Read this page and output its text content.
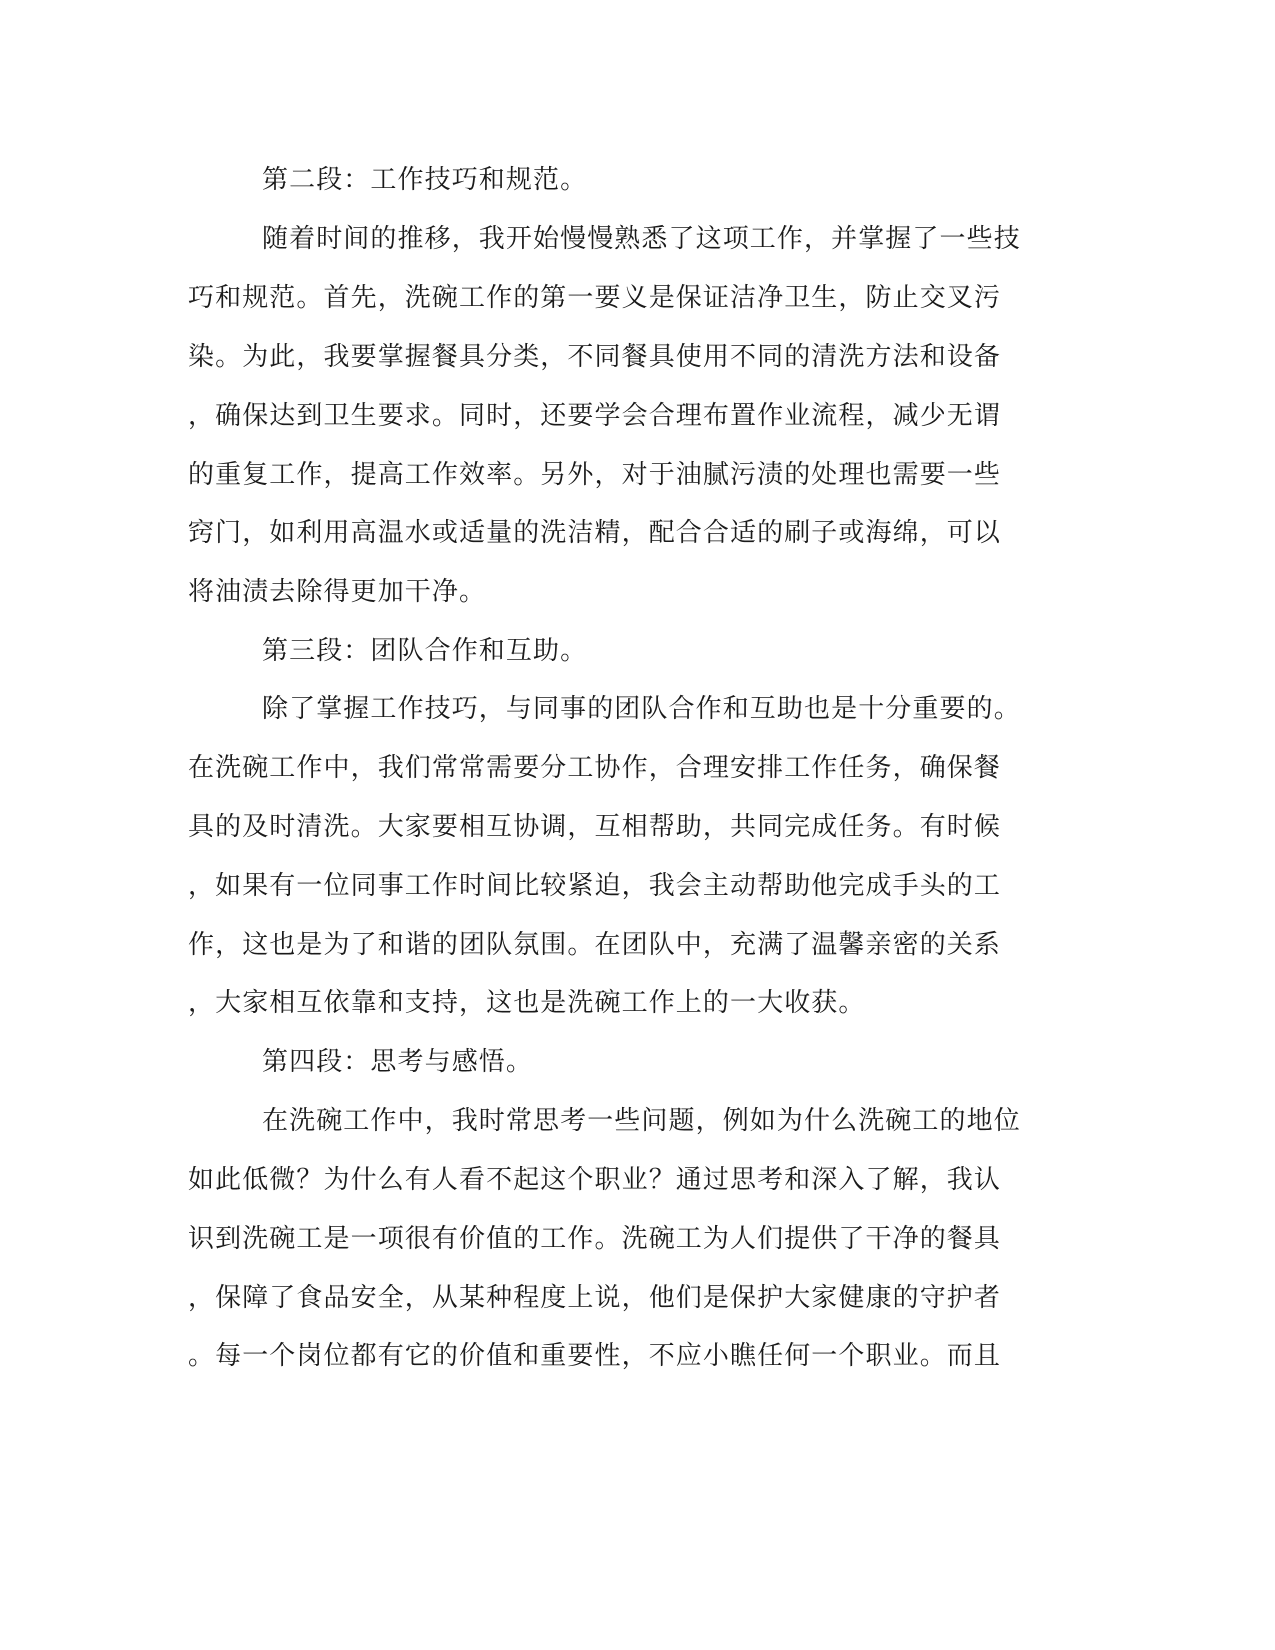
第二段：工作技巧和规范。
随着时间的推移，我开始慢慢熟悉了这项工作，并掌握了一些技
巧和规范。首先，洗碗工作的第一要义是保证洁净卫生，防止交叉污
染。为此，我要掌握餐具分类，不同餐具使用不同的清洗方法和设备
，确保达到卫生要求。同时，还要学会合理布置作业流程，减少无谓
的重复工作，提高工作效率。另外，对于油腻污渍的处理也需要一些
窍门，如利用高温水或适量的洗洁精，配合合适的刷子或海绵，可以
将油渍去除得更加干净。
第三段：团队合作和互助。
除了掌握工作技巧，与同事的团队合作和互助也是十分重要的。
在洗碗工作中，我们常常需要分工协作，合理安排工作任务，确保餐
具的及时清洗。大家要相互协调，互相帮助，共同完成任务。有时候
，如果有一位同事工作时间比较紧迫，我会主动帮助他完成手头的工
作，这也是为了和谐的团队氛围。在团队中，充满了温馨亲密的关系
，大家相互依靠和支持，这也是洗碗工作上的一大收获。
第四段：思考与感悟。
在洗碗工作中，我时常思考一些问题，例如为什么洗碗工的地位
如此低微？为什么有人看不起这个职业？通过思考和深入了解，我认
识到洗碗工是一项很有价值的工作。洗碗工为人们提供了干净的餐具
，保障了食品安全，从某种程度上说，他们是保护大家健康的守护者
。每一个岗位都有它的价值和重要性，不应小瞧任何一个职业。而且
